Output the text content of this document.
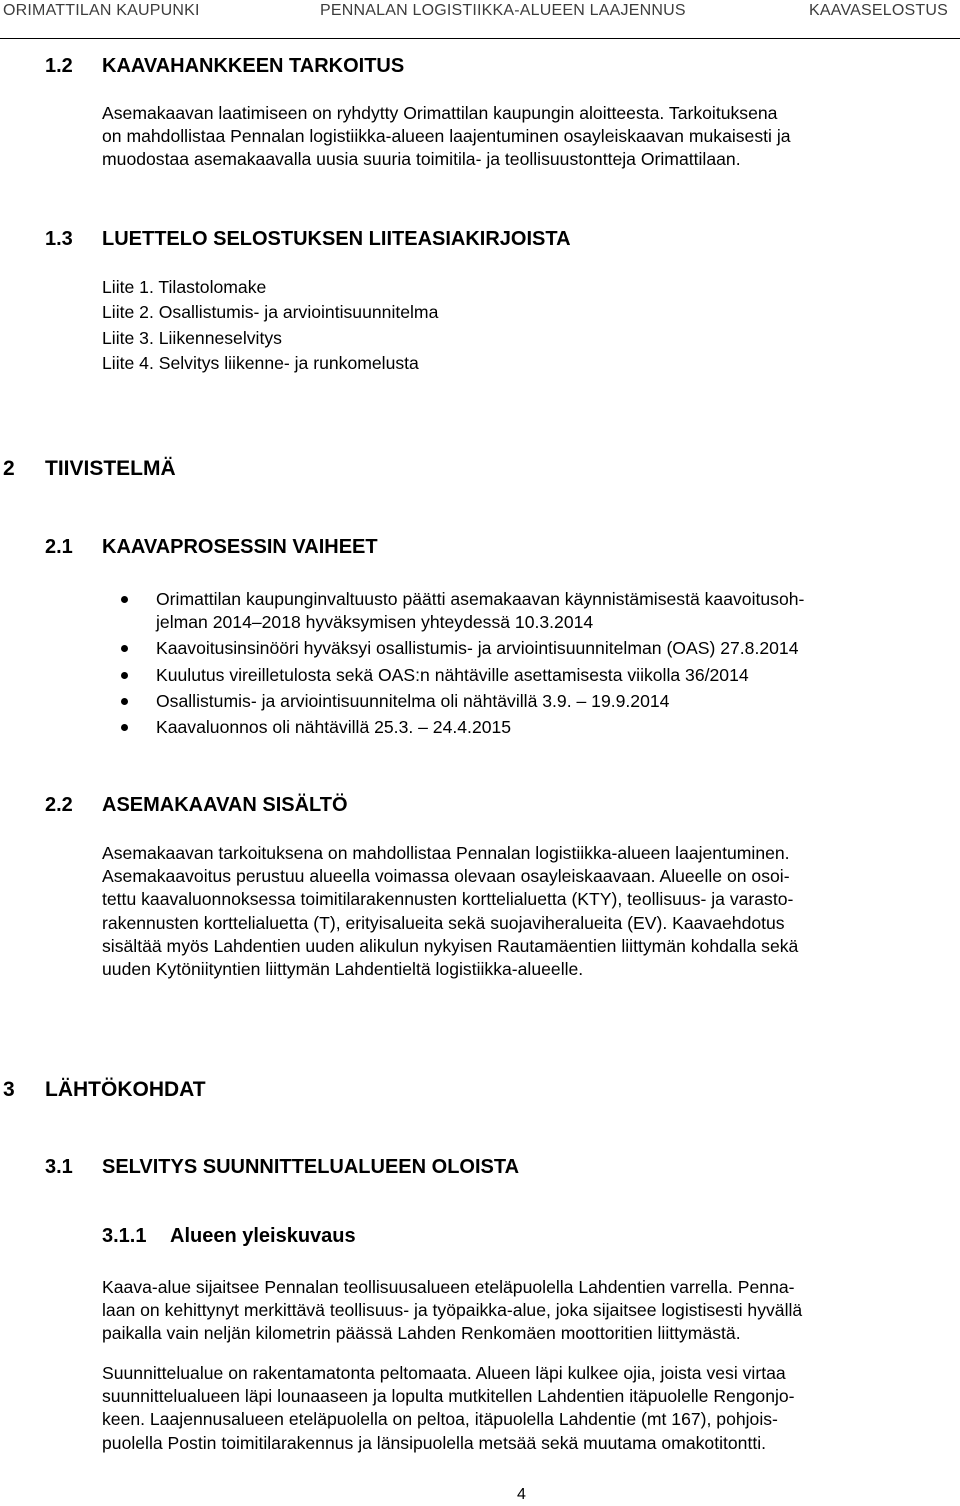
ORIMATTILAN KAUPUNKI	PENNALAN LOGISTIIKKA-ALUEEN LAAJENNUS	KAAVASELOSTUS
1.2 KAAVAHANKKEEN TARKOITUS
Asemakaavan laatimiseen on ryhdytty Orimattilan kaupungin aloitteesta. Tarkoituksena
on mahdollistaa Pennalan logistiikka-alueen laajentuminen osayleiskaavan mukaisesti ja
muodostaa asemakaavalla uusia suuria toimitila- ja teollisuustontteja Orimattilaan.
1.3 LUETTELO SELOSTUKSEN LIITEASIAKIRJOISTA
Liite 1. Tilastolomake
Liite 2. Osallistumis- ja arviointisuunnitelma
Liite 3. Liikenneselvitys
Liite 4. Selvitys liikenne- ja runkomelusta
2 TIIVISTELMÄ
2.1 KAAVAPROSESSIN VAIHEET
Orimattilan kaupunginvaltuusto päätti asemakaavan käynnistämisestä kaavoitusoh-
jelman 2014–2018 hyväksymisen yhteydessä 10.3.2014
Kaavoitusinsinööri hyväksyi osallistumis- ja arviointisuunnitelman (OAS) 27.8.2014
Kuulutus vireilletulosta sekä OAS:n nähtäville asettamisesta viikolla 36/2014
Osallistumis- ja arviointisuunnitelma oli nähtävillä 3.9. – 19.9.2014
Kaavaluonnos oli nähtävillä 25.3. – 24.4.2015
2.2 ASEMAKAAVAN SISÄLTÖ
Asemakaavan tarkoituksena on mahdollistaa Pennalan logistiikka-alueen laajentuminen.
Asemakaavoitus perustuu alueella voimassa olevaan osayleiskaavaan. Alueelle on osoi-
tettu kaavaluonnoksessa toimitilarakennusten korttelialuetta (KTY), teollisuus- ja varasto-
rakennusten korttelialuetta (T), erityisalueita sekä suojaviheralueita (EV). Kaavaehdotus
sisältää myös Lahdentien uuden alikulun nykyisen Rautamäentien liittymän kohdalla sekä
uuden Kytöniityntien liittymän Lahdentieltä logistiikka-alueelle.
3 LÄHTÖKOHDAT
3.1 SELVITYS SUUNNITTELUALUEEN OLOISTA
3.1.1 Alueen yleiskuvaus
Kaava-alue sijaitsee Pennalan teollisuusalueen eteläpuolella Lahdentien varrella. Penna-
laan on kehittynyt merkittävä teollisuus- ja työpaikka-alue, joka sijaitsee logistisesti hyvällä
paikalla vain neljän kilometrin päässä Lahden Renkomäen moottoritien liittymästä.
Suunnittelualue on rakentamatonta peltomaata. Alueen läpi kulkee ojia, joista vesi virtaa
suunnittelualueen läpi lounaaseen ja lopulta mutkitellen Lahdentien itäpuolelle Rengonjo-
keen. Laajennusalueen eteläpuolella on peltoa, itäpuolella Lahdentie (mt 167), pohjois-
puolella Postin toimitilarakennus ja länsipuolella metsää sekä muutama omakotitontti.
4
